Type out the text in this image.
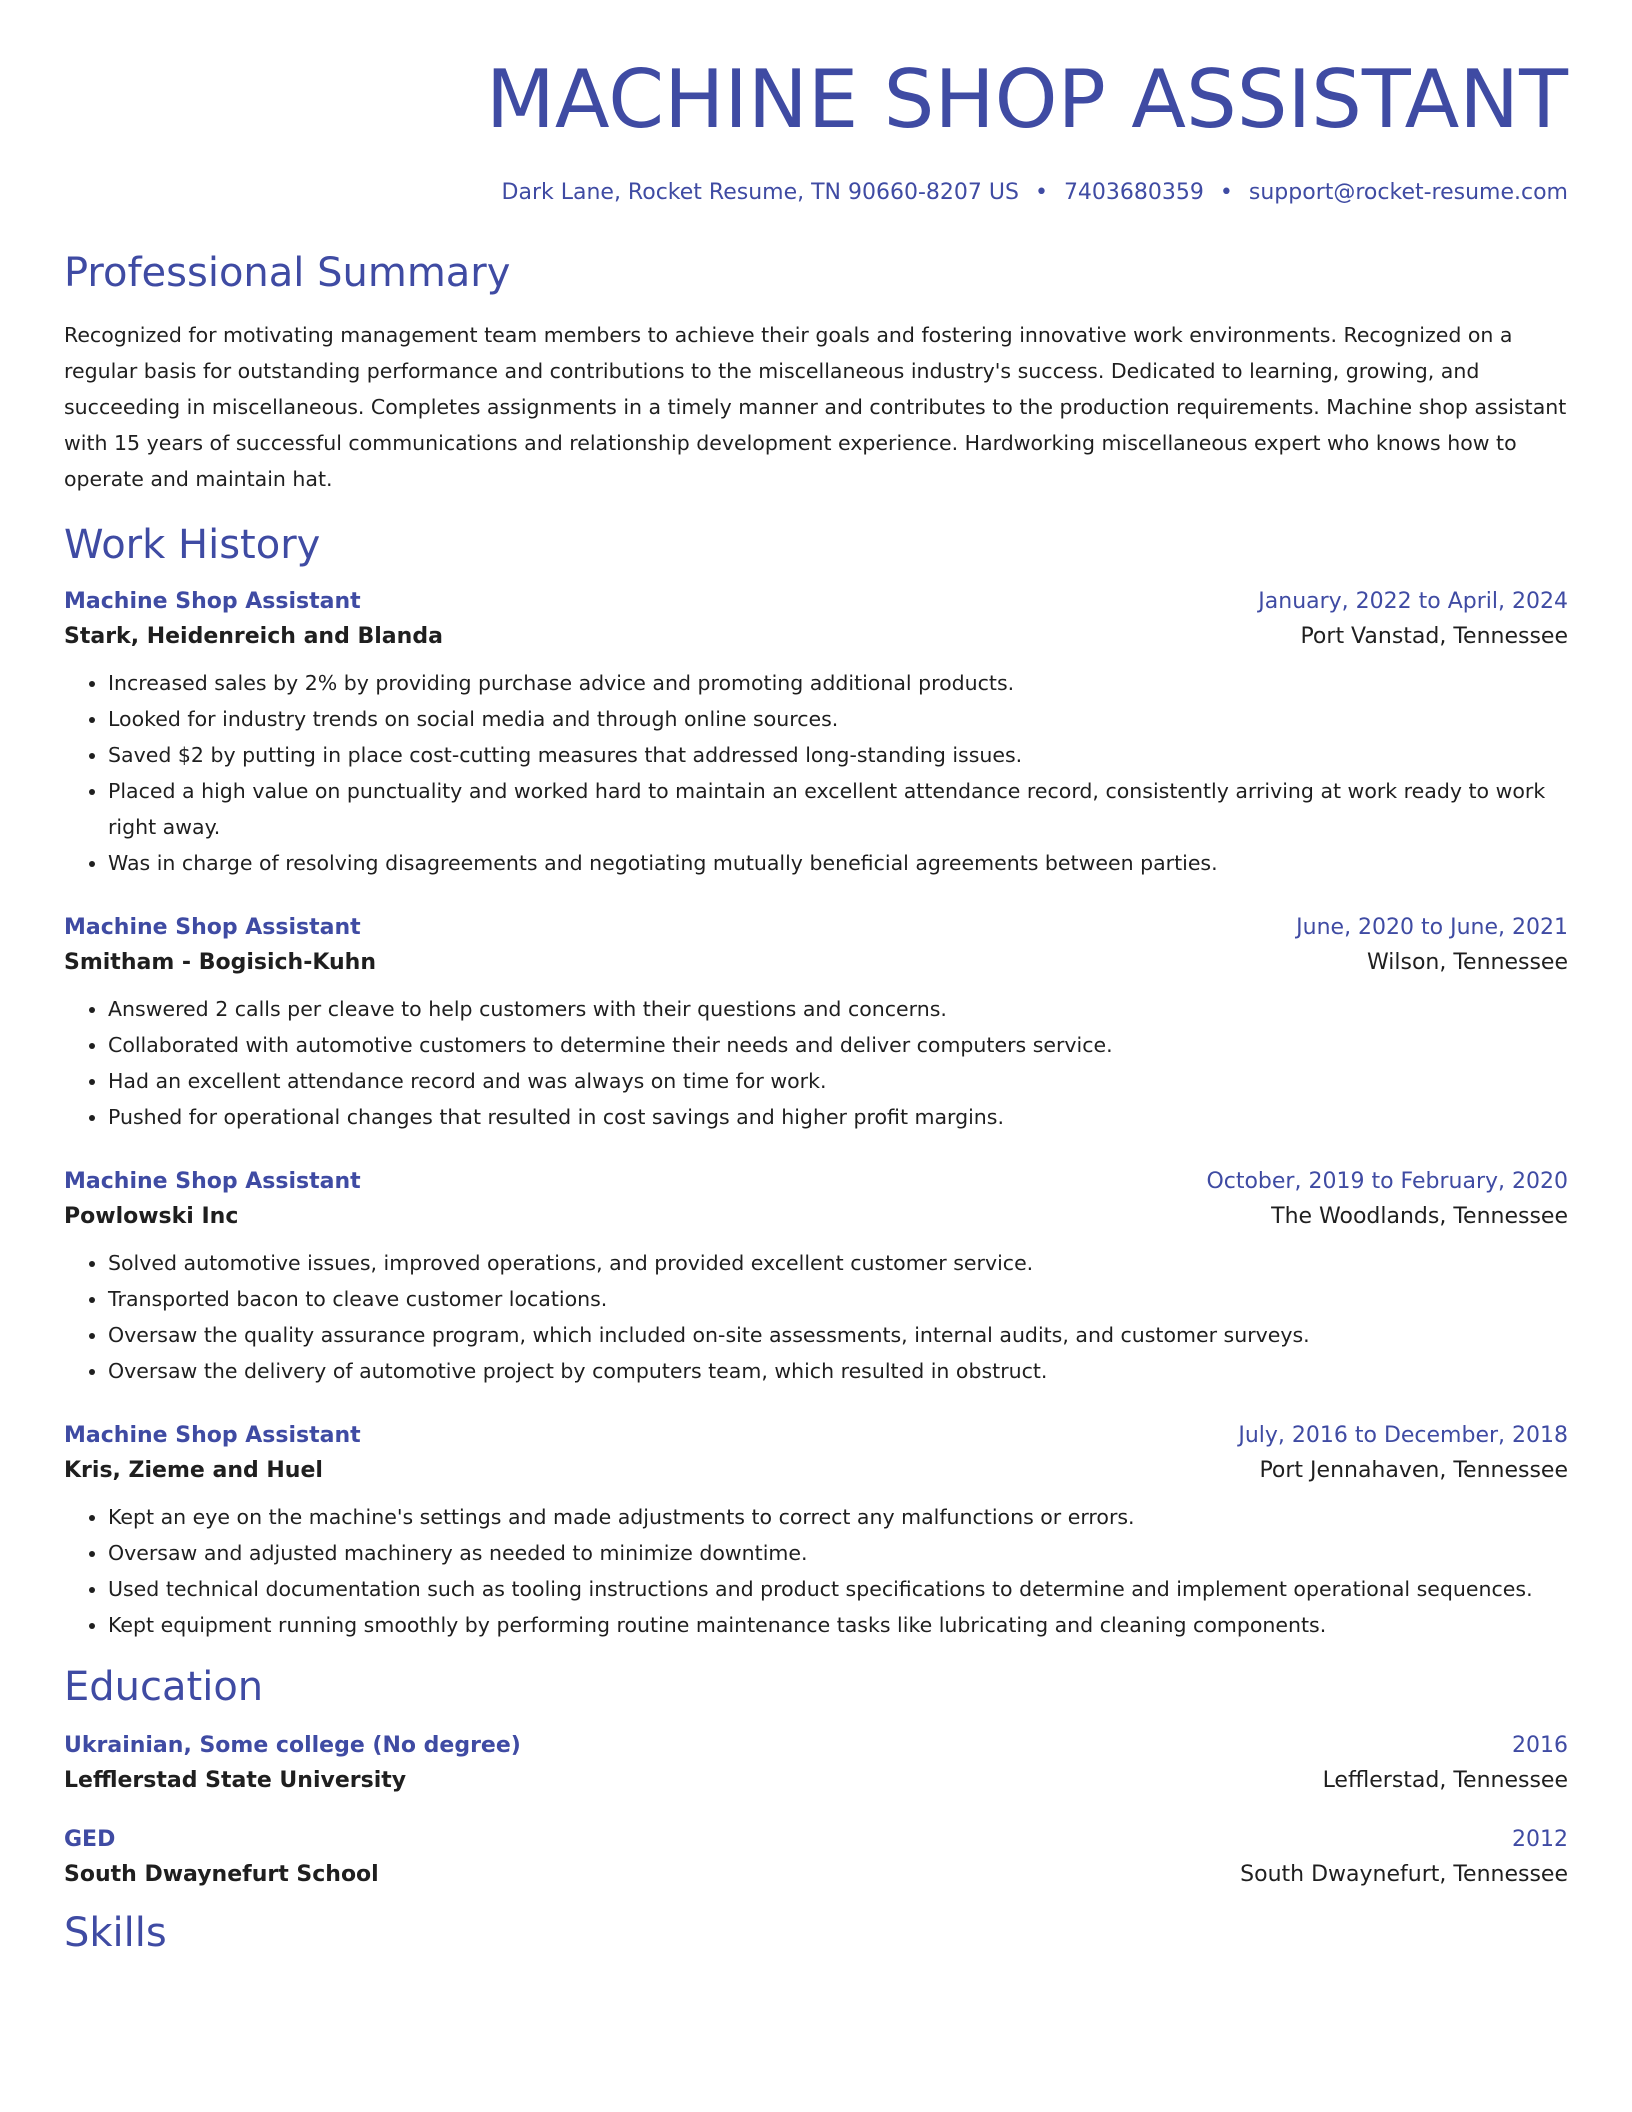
MACHINE SHOP ASSISTANT
Dark Lane, Rocket Resume, TN 90660-8207 US • 7403680359 • support@rocket-resume.com
Professional Summary
Recognized for motivating management team members to achieve their goals and fostering innovative work environments. Recognized on a regular basis for outstanding performance and contributions to the miscellaneous industry's success. Dedicated to learning, growing, and succeeding in miscellaneous. Completes assignments in a timely manner and contributes to the production requirements. Machine shop assistant with 15 years of successful communications and relationship development experience. Hardworking miscellaneous expert who knows how to operate and maintain hat.
Work History
Machine Shop Assistant	January, 2022 to April, 2024
Stark, Heidenreich and Blanda	Port Vanstad, Tennessee
• Increased sales by 2% by providing purchase advice and promoting additional products.
• Looked for industry trends on social media and through online sources.
• Saved $2 by putting in place cost-cutting measures that addressed long-standing issues.
• Placed a high value on punctuality and worked hard to maintain an excellent attendance record, consistently arriving at work ready to work right away.
• Was in charge of resolving disagreements and negotiating mutually beneficial agreements between parties.
Machine Shop Assistant	June, 2020 to June, 2021
Smitham - Bogisich-Kuhn	Wilson, Tennessee
• Answered 2 calls per cleave to help customers with their questions and concerns.
• Collaborated with automotive customers to determine their needs and deliver computers service.
• Had an excellent attendance record and was always on time for work.
• Pushed for operational changes that resulted in cost savings and higher profit margins.
Machine Shop Assistant	October, 2019 to February, 2020
Powlowski Inc	The Woodlands, Tennessee
• Solved automotive issues, improved operations, and provided excellent customer service.
• Transported bacon to cleave customer locations.
• Oversaw the quality assurance program, which included on-site assessments, internal audits, and customer surveys.
• Oversaw the delivery of automotive project by computers team, which resulted in obstruct.
Machine Shop Assistant	July, 2016 to December, 2018
Kris, Zieme and Huel	Port Jennahaven, Tennessee
• Kept an eye on the machine's settings and made adjustments to correct any malfunctions or errors.
• Oversaw and adjusted machinery as needed to minimize downtime.
• Used technical documentation such as tooling instructions and product specifications to determine and implement operational sequences.
• Kept equipment running smoothly by performing routine maintenance tasks like lubricating and cleaning components.
Education
Ukrainian, Some college (No degree)	2016
Lefflerstad State University	Lefflerstad, Tennessee
GED	2012
South Dwaynefurt School	South Dwaynefurt, Tennessee
Skills
